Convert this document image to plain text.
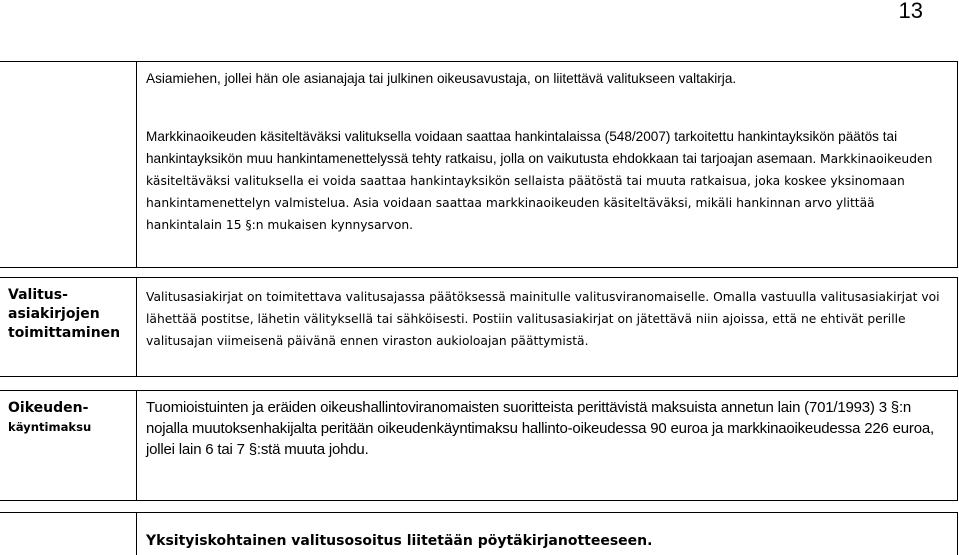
13

Asiamiehen, jollei hän ole asianajaja tai julkinen oikeusavustaja, on liitettävä valitukseen valtakirja.

Markkinaoikeuden käsiteltäväksi valituksella voidaan saattaa hankintalaissa (548/2007) tarkoitettu hankintayksikön päätös tai hankintayksikön muu hankintamenettelyssä tehty ratkaisu, jolla on vaikutusta ehdokkaan tai tarjoajan asemaan. Markkinaoikeuden käsiteltäväksi valituksella ei voida saattaa hankintayksikön sellaista päätöstä tai muuta ratkaisua, joka koskee yksinomaan hankintamenettelyn valmistelua. Asia voidaan saattaa markkinaoikeuden käsiteltäväksi, mikäli hankinnan arvo ylittää hankintalain 15 §:n mukaisen kynnysarvon.

Valitus-
asiakirjojen
toimittaminen

Valitusasiakirjat on toimitettava valitusajassa päätöksessä mainitulle valitusviranomaiselle. Omalla vastuulla valitusasiakirjat voi lähettää postitse, lähetin välityksellä tai sähköisesti. Postiin valitusasiakirjat on jätettävä niin ajoissa, että ne ehtivät perille valitusajan viimeisenä päivänä ennen viraston aukioloajan päättymistä.

Oikeuden-
käyntimaksu

Tuomioistuinten ja eräiden oikeushallintoviranomaisten suoritteista perittävistä maksuista annetun lain (701/1993) 3 §:n nojalla muutoksenhakijalta peritään oikeudenkäyntimaksu hallinto-oikeudessa 90 euroa ja markkinaoikeudessa 226 euroa, jollei lain 6 tai 7 §:stä muuta johdu.

Yksityiskohtainen valitusosoitus liitetään pöytäkirjanotteeseen.
